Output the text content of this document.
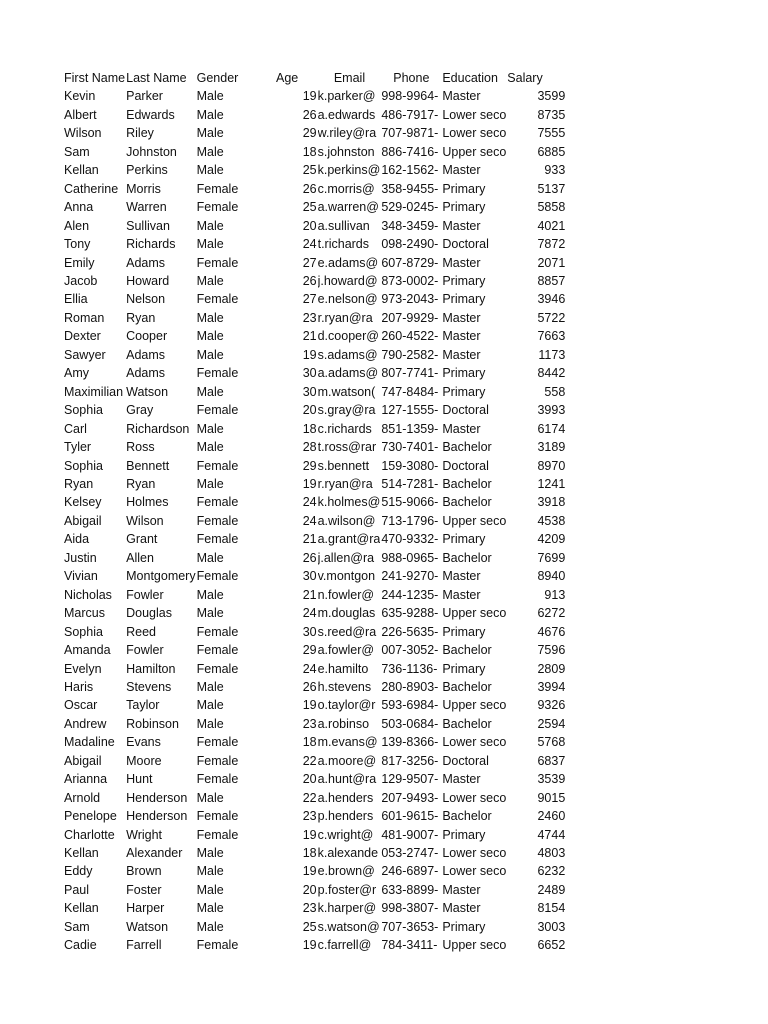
First Name	Last Name	Gender	Age	Email	Phone	Education	Salary
Kevin	Parker	Male	19	k.parker@	998-9964-	Master	3599
Albert	Edwards	Male	26	a.edwards	486-7917-	Lower seco	8735
Wilson	Riley	Male	29	w.riley@ra	707-9871-	Lower seco	7555
Sam	Johnston	Male	18	s.johnston	886-7416-	Upper seco	6885
Kellan	Perkins	Male	25	k.perkins@	162-1562-	Master	933
Catherine	Morris	Female	26	c.morris@	358-9455-	Primary	5137
Anna	Warren	Female	25	a.warren@	529-0245-	Primary	5858
Alen	Sullivan	Male	20	a.sullivan	348-3459-	Master	4021
Tony	Richards	Male	24	t.richards	098-2490-	Doctoral	7872
Emily	Adams	Female	27	e.adams@	607-8729-	Master	2071
Jacob	Howard	Male	26	j.howard@	873-0002-	Primary	8857
Ellia	Nelson	Female	27	e.nelson@	973-2043-	Primary	3946
Roman	Ryan	Male	23	r.ryan@ra	207-9929-	Master	5722
Dexter	Cooper	Male	21	d.cooper@	260-4522-	Master	7663
Sawyer	Adams	Male	19	s.adams@	790-2582-	Master	1173
Amy	Adams	Female	30	a.adams@	807-7741-	Primary	8442
Maximilian	Watson	Male	30	m.watson(	747-8484-	Primary	558
Sophia	Gray	Female	20	s.gray@ra	127-1555-	Doctoral	3993
Carl	Richardson	Male	18	c.richards	851-1359-	Master	6174
Tyler	Ross	Male	28	t.ross@rar	730-7401-	Bachelor	3189
Sophia	Bennett	Female	29	s.bennett	159-3080-	Doctoral	8970
Ryan	Ryan	Male	19	r.ryan@ra	514-7281-	Bachelor	1241
Kelsey	Holmes	Female	24	k.holmes@	515-9066-	Bachelor	3918
Abigail	Wilson	Female	24	a.wilson@	713-1796-	Upper seco	4538
Aida	Grant	Female	21	a.grant@ra	470-9332-	Primary	4209
Justin	Allen	Male	26	j.allen@ra	988-0965-	Bachelor	7699
Vivian	Montgomery	Female	30	v.montgon	241-9270-	Master	8940
Nicholas	Fowler	Male	21	n.fowler@	244-1235-	Master	913
Marcus	Douglas	Male	24	m.douglas	635-9288-	Upper seco	6272
Sophia	Reed	Female	30	s.reed@ra	226-5635-	Primary	4676
Amanda	Fowler	Female	29	a.fowler@	007-3052-	Bachelor	7596
Evelyn	Hamilton	Female	24	e.hamilto	736-1136-	Primary	2809
Haris	Stevens	Male	26	h.stevens	280-8903-	Bachelor	3994
Oscar	Taylor	Male	19	o.taylor@r	593-6984-	Upper seco	9326
Andrew	Robinson	Male	23	a.robinso	503-0684-	Bachelor	2594
Madaline	Evans	Female	18	m.evans@	139-8366-	Lower seco	5768
Abigail	Moore	Female	22	a.moore@	817-3256-	Doctoral	6837
Arianna	Hunt	Female	20	a.hunt@ra	129-9507-	Master	3539
Arnold	Henderson	Male	22	a.henders	207-9493-	Lower seco	9015
Penelope	Henderson	Female	23	p.henders	601-9615-	Bachelor	2460
Charlotte	Wright	Female	19	c.wright@	481-9007-	Primary	4744
Kellan	Alexander	Male	18	k.alexande	053-2747-	Lower seco	4803
Eddy	Brown	Male	19	e.brown@	246-6897-	Lower seco	6232
Paul	Foster	Male	20	p.foster@r	633-8899-	Master	2489
Kellan	Harper	Male	23	k.harper@	998-3807-	Master	8154
Sam	Watson	Male	25	s.watson@	707-3653-	Primary	3003
Cadie	Farrell	Female	19	c.farrell@	784-3411-	Upper seco	6652
